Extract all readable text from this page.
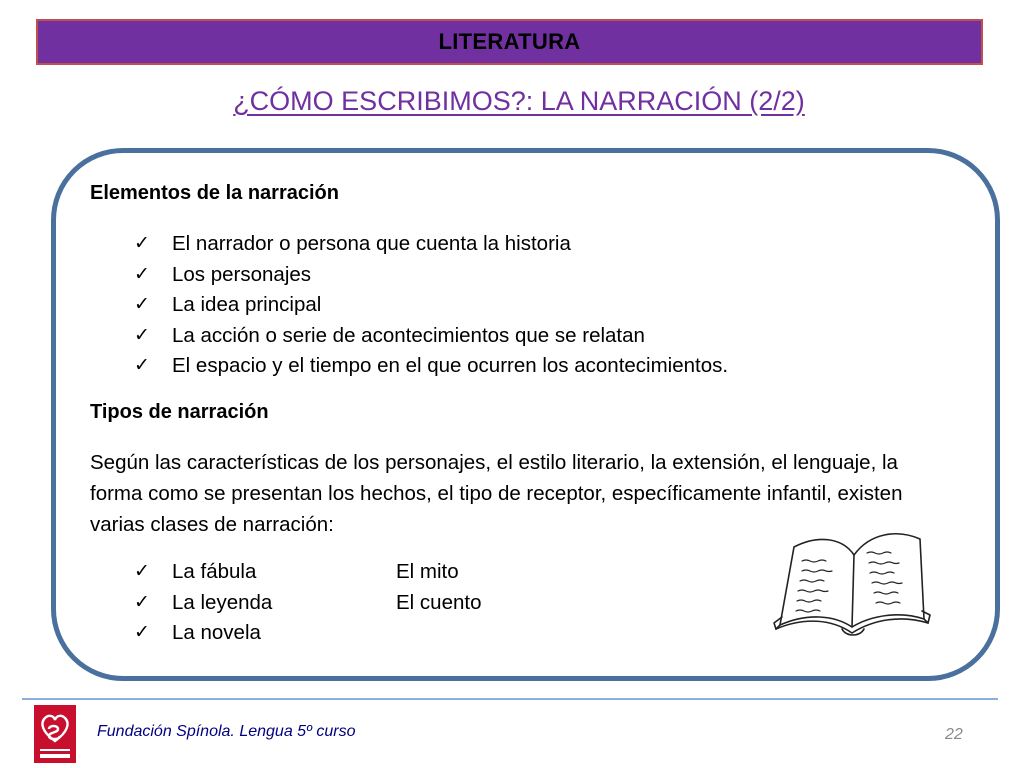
LITERATURA
¿CÓMO ESCRIBIMOS?: LA NARRACIÓN (2/2)
Elementos de la narración
✓	El narrador o persona que cuenta la historia
✓	Los personajes
✓	La idea principal
✓	La acción o serie de acontecimientos que se relatan
✓	El espacio y el tiempo en el que ocurren los acontecimientos.
Tipos de narración
Según las características de los personajes, el estilo literario, la extensión, el lenguaje, la forma como se presentan los hechos, el tipo de receptor, específicamente infantil, existen varias clases de narración:
✓	La fábula
✓	La leyenda
✓	La novela
El mito
El cuento
Fundación Spínola. Lengua 5º curso	22
